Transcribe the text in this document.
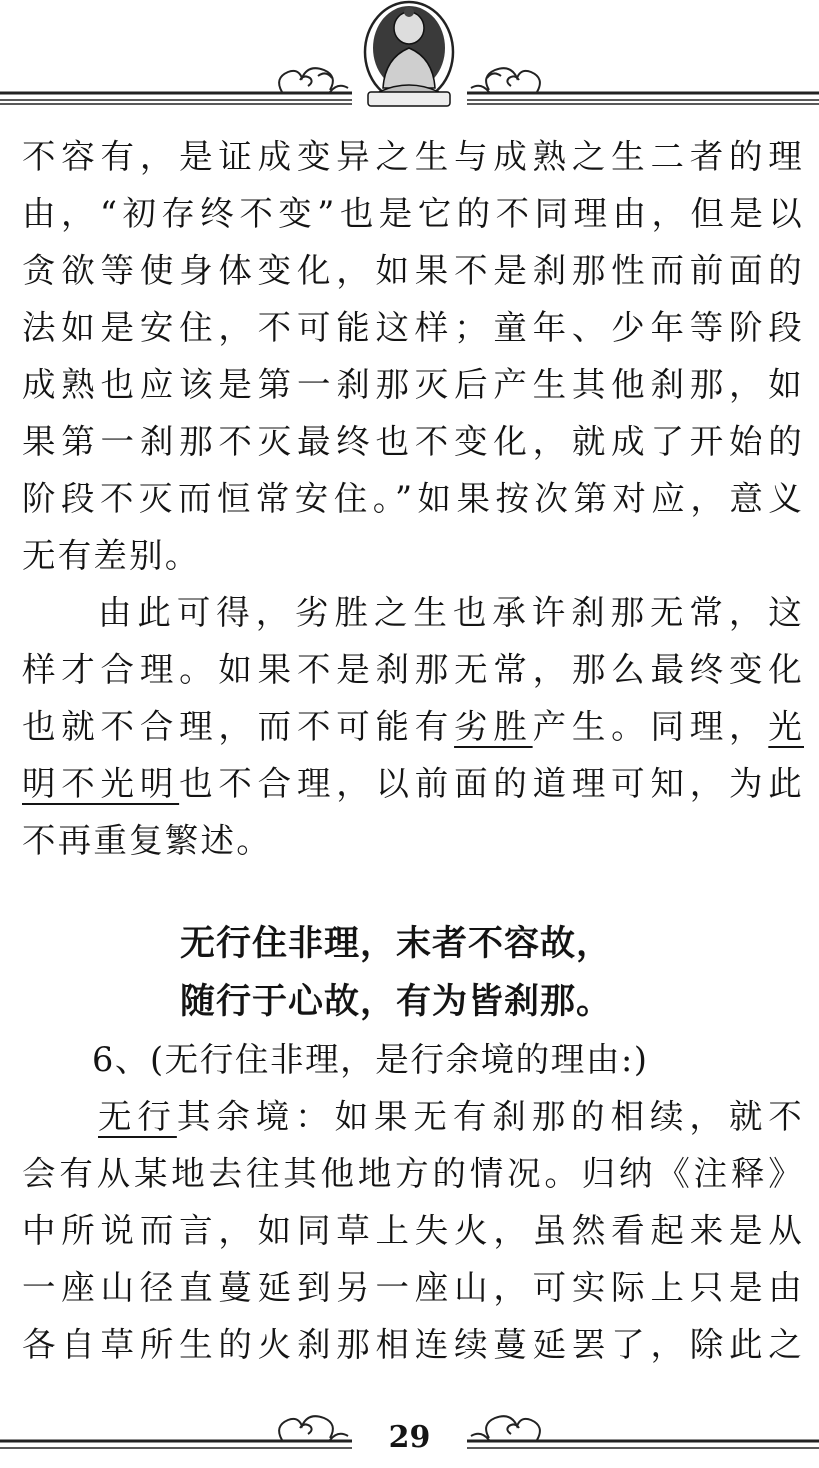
不容有，是证成变异之生与成熟之生二者的理
由，“初存终不变”也是它的不同理由，但是以
贪欲等使身体变化，如果不是刹那性而前面的
法如是安住，不可能这样；童年、少年等阶段
成熟也应该是第一刹那灭后产生其他刹那，如
果第一刹那不灭最终也不变化，就成了开始的
阶段不灭而恒常安住。”如果按次第对应，意义
无有差别。
由此可得，劣胜之生也承许刹那无常，这
样才合理。如果不是刹那无常，那么最终变化
也就不合理，而不可能有劣胜产生。同理，光
明不光明也不合理，以前面的道理可知，为此
不再重复繁述。
无行住非理，末者不容故，
随行于心故，有为皆刹那。
6、(无行住非理，是行余境的理由:)
无行其余境：如果无有刹那的相续，就不
会有从某地去往其他地方的情况。归纳《注释》
中所说而言，如同草上失火，虽然看起来是从
一座山径直蔓延到另一座山，可实际上只是由
各自草所生的火刹那相连续蔓延罢了，除此之
29
